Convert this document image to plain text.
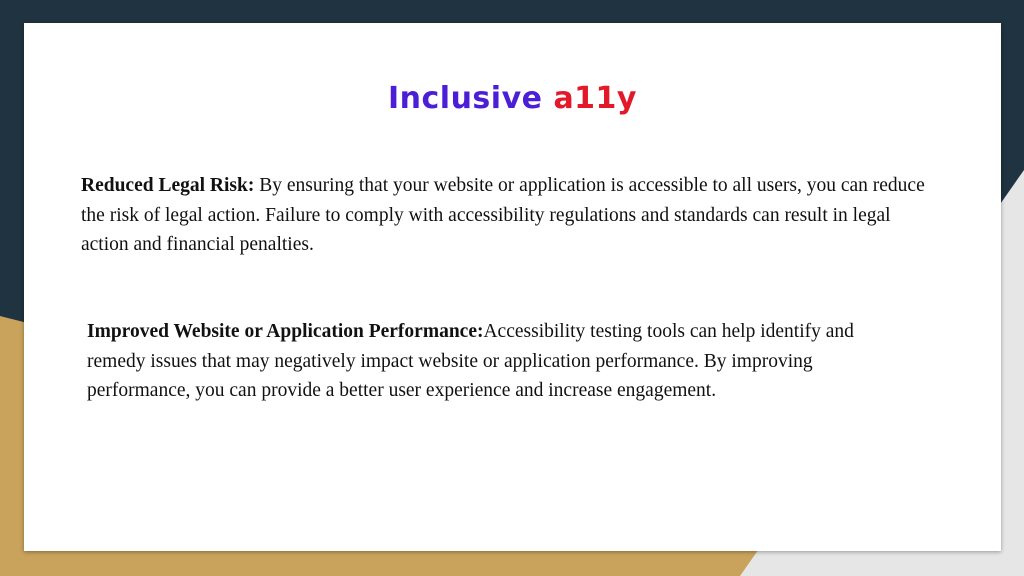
Inclusive a11y

Reduced Legal Risk: By ensuring that your website or application is accessible to all users, you can reduce the risk of legal action. Failure to comply with accessibility regulations and standards can result in legal action and financial penalties.

Improved Website or Application Performance:Accessibility testing tools can help identify and remedy issues that may negatively impact website or application performance. By improving performance, you can provide a better user experience and increase engagement.
